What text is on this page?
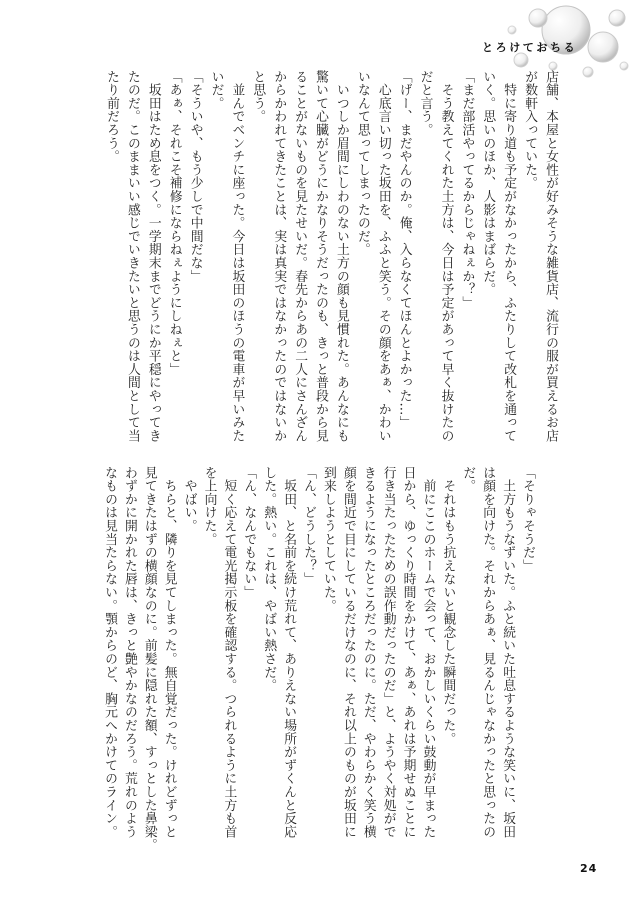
とろけておちる
店舗、本屋と女性が好みそうな雑貨店、流行の服が買えるお店
が数軒入っていた。
　特に寄り道も予定がなかったから、ふたりして改札を通って
いく。思いのほか、人影はまばらだ。
「まだ部活やってるからじゃねぇか？」
　そう教えてくれた土方は、今日は予定があって早く抜けたの
だと言う。
「げー、まだやんのか。俺、入らなくてほんとよかった…」
　心底言い切った坂田を、ふふと笑う。その顔をあぁ、かわい
いなんて思ってしまったのだ。
　いつしか眉間にしわのない土方の顔も見慣れた。あんなにも
驚いて心臓がどうにかなりそうだったのも、きっと普段から見
ることがないものを見たせいだ。春先からあの二人にさんざん
からかわれてきたことは、実は真実ではなかったのではないか
と思う。
　並んでベンチに座った。今日は坂田のほうの電車が早いみた
いだ。
「そういや、もう少しで中間だな」
「あぁ、それこそ補修にならねぇようにしねぇと」
　坂田はため息をつく。一学期末までどうにか平穏にやってき
たのだ。このままいい感じでいきたいと思うのは人間として当
たり前だろう。
「そりゃそうだ」
　土方もうなずいた。ふと続いた吐息するような笑いに、坂田
は顔を向けた。それからあぁ、見るんじゃなかったと思ったの
だ。
　それはもう抗えないと観念した瞬間だった。
　前にここのホームで会って、おかしいくらい鼓動が早まった
日から、ゆっくり時間をかけて、あぁ、あれは予期せぬことに
行き当たったための誤作動だったのだ」と、ようやく対処がで
きるようになったところだったのに。ただ、やわらかく笑う横
顔を間近で目にしているだけなのに、それ以上のものが坂田に
到来しようとしていた。
「ん、どうした？」
　坂田、と名前を続け荒れて、ありえない場所がずくんと反応
した。熱い。これは、やばい熱さだ。
「ん、なんでもない」
　短く応えて電光掲示板を確認する。つられるように土方も首
を上向けた。
　やばい。
　ちらと、隣りを見てしまった。無自覚だった。けれどずっと
見てきたはずの横顔なのに。前髪に隠れた額、すっとした鼻梁。
わずかに開かれた唇は、きっと艶やかなのだろう。荒れのよう
なものは見当たらない。顎からのど、胸元へかけてのライン。
24
